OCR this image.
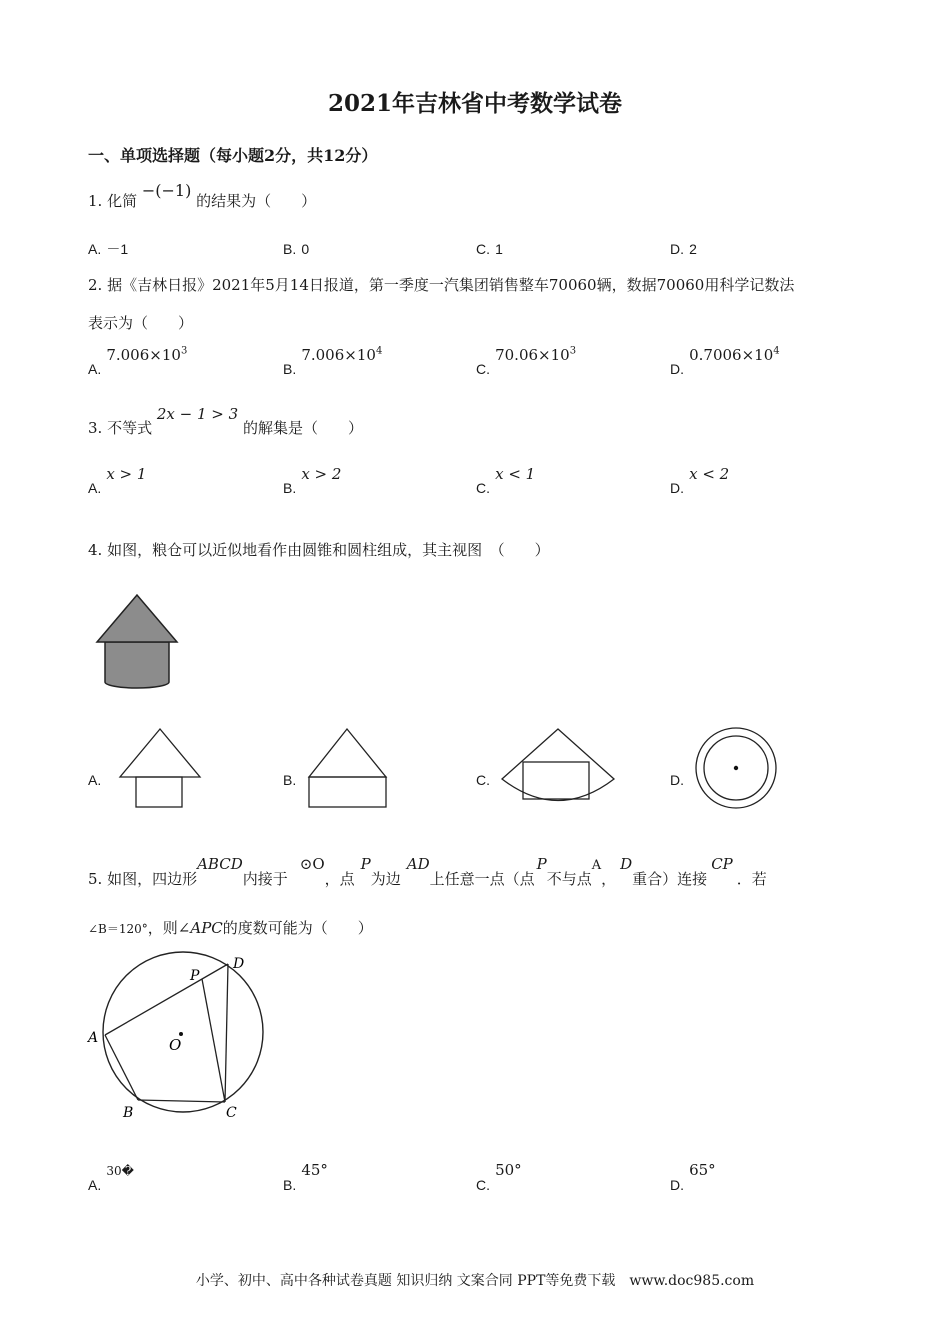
2021年吉林省中考数学试卷
一、单项选择题（每小题2分，共12分）
1. 化简 −(−1) 的结果为（　　）
A. －1	B. 0	C. 1	D. 2
2. 据《吉林日报》2021年5月14日报道，第一季度一汽集团销售整车70060辆，数据70060用科学记数法
表示为（　　）
A. $7.006\times 10^3$
B. $7.006\times 10^4$
C. $70.06\times 10^3$
D. $0.7006\times 10^4$
3. 不等式 2x − 1 > 3 的解集是（　　）
A. x > 1
B. x > 2
C. x < 1
D. x < 2
4. 如图，粮仓可以近似地看作由圆锥和圆柱组成，其主视图　（　　）
A.	B.	C.	D.
5. 如图，四边形ABCD内接于⊙O，点P为边AD上任意一点（点P不与点A，D重合）连接CP．若
∠B＝120°，则∠APC的度数可能为（　　）
A
B	C
D
P
O
A. 30�
B. 45°
C. 50°
D. 65°
小学、初中、高中各种试卷真题 知识归纳 文案合同 PPT等免费下载　www.doc985.com
